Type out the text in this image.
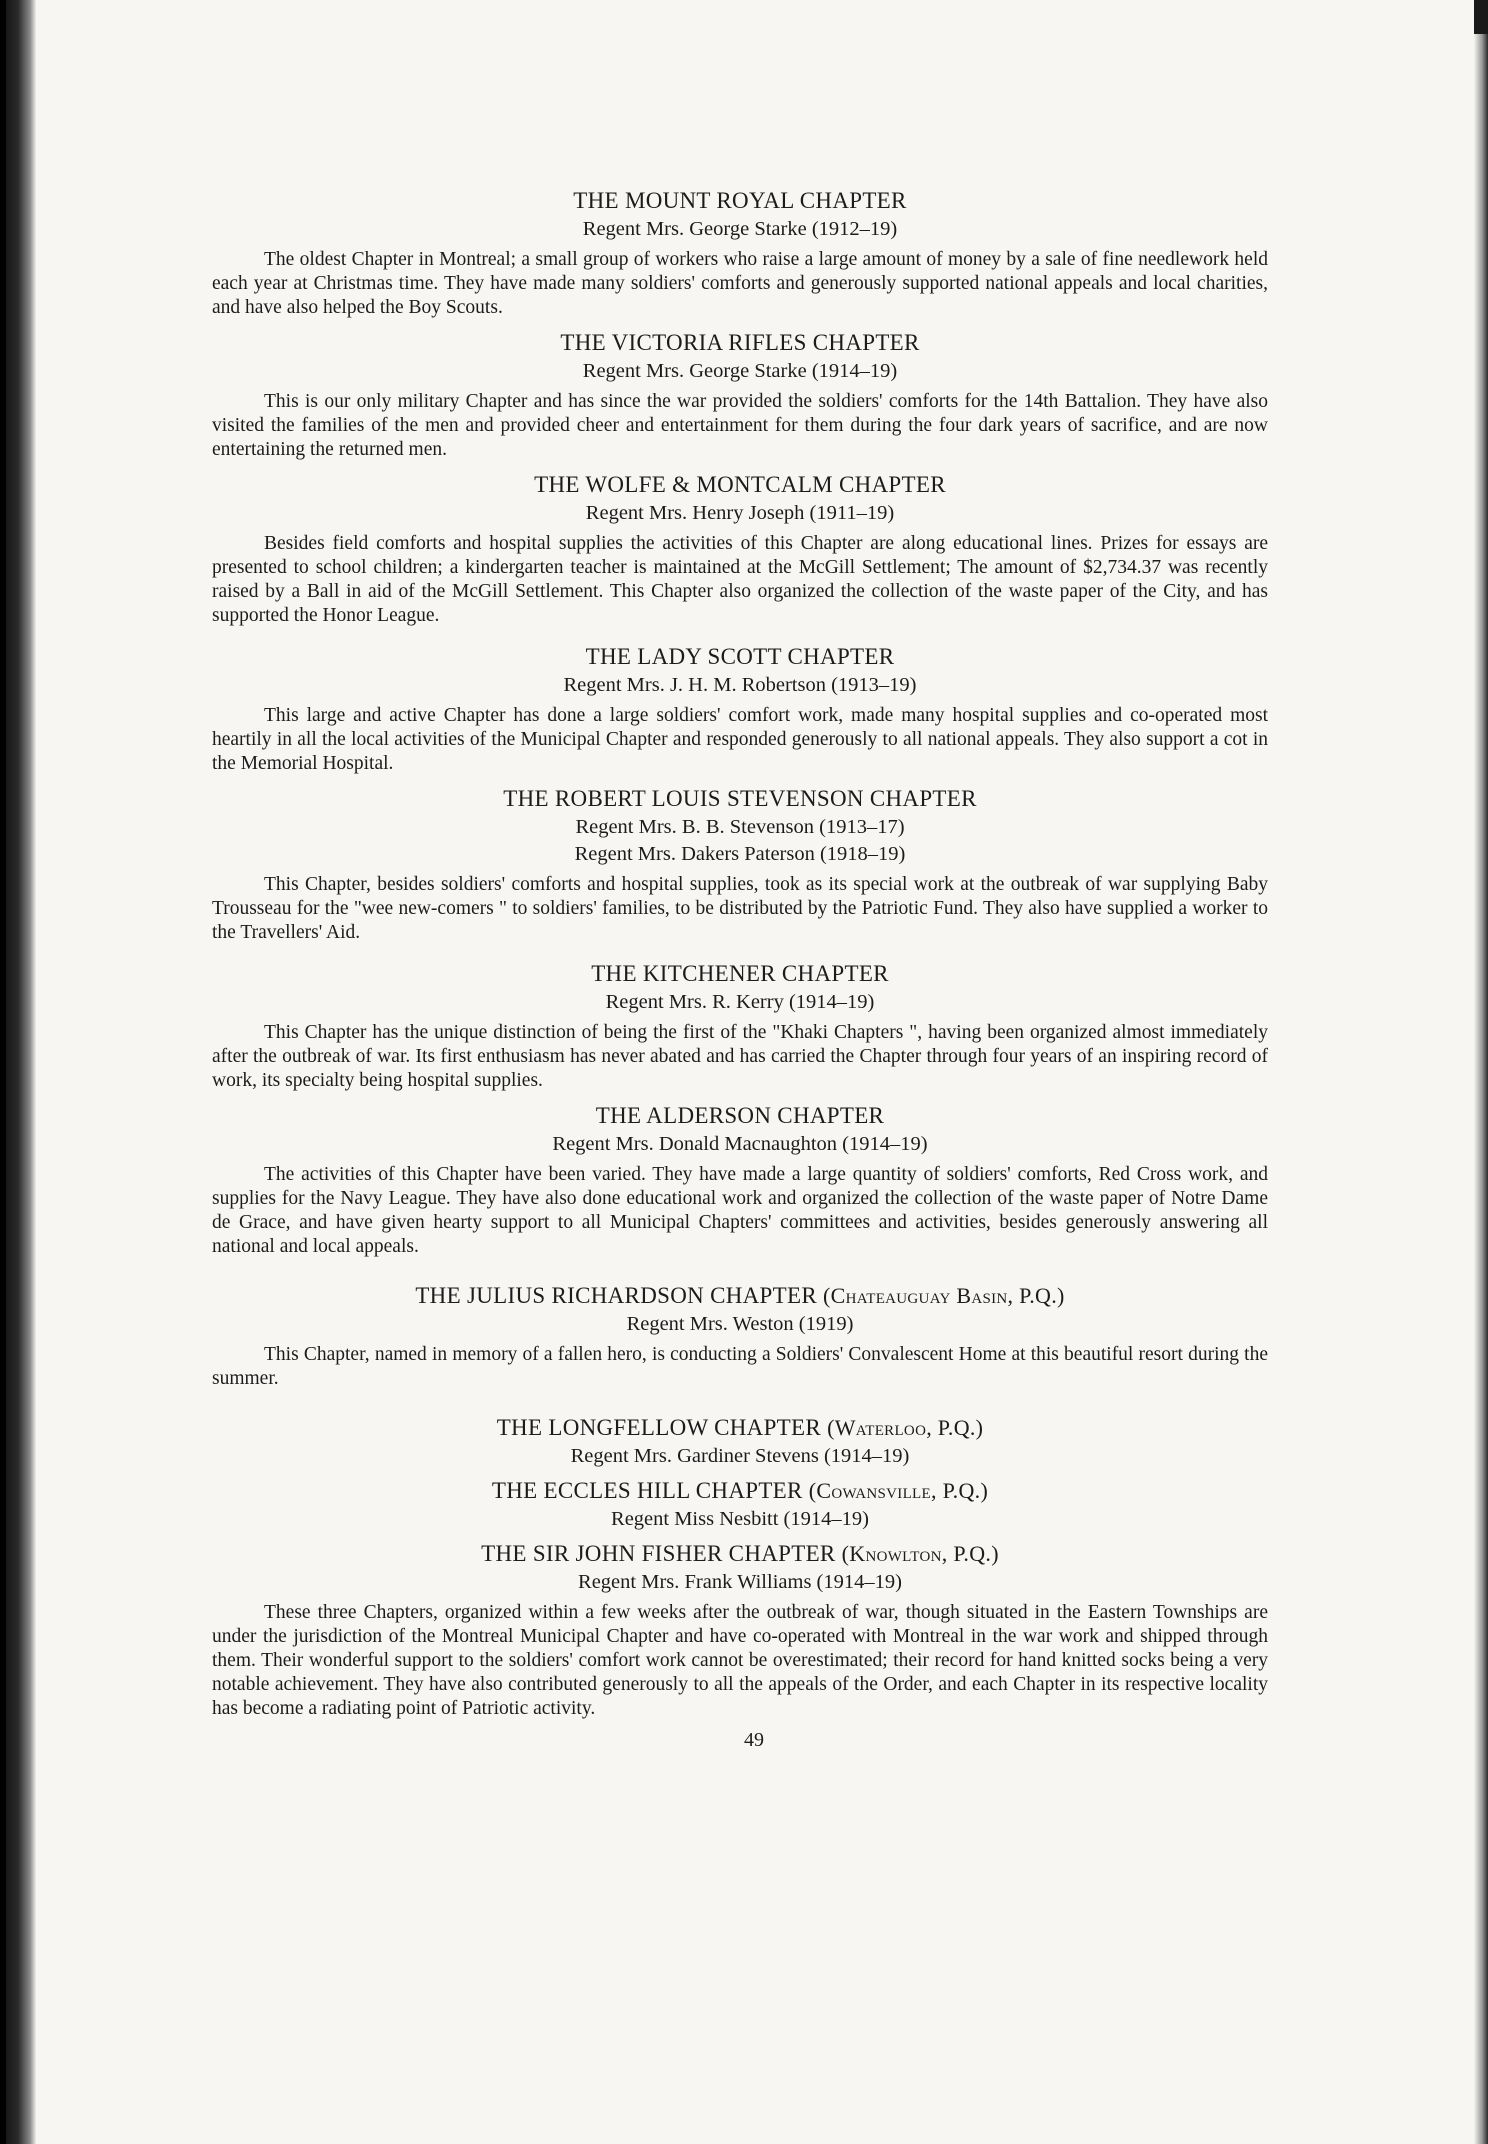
THE MOUNT ROYAL CHAPTER

Regent Mrs. George Starke (1912–19)

The oldest Chapter in Montreal; a small group of workers who raise a large amount of money by a sale of fine needlework held each year at Christmas time. They have made many soldiers' comforts and generously supported national appeals and local charities, and have also helped the Boy Scouts.

THE VICTORIA RIFLES CHAPTER

Regent Mrs. George Starke (1914–19)

This is our only military Chapter and has since the war provided the soldiers' comforts for the 14th Battalion. They have also visited the families of the men and provided cheer and entertainment for them during the four dark years of sacrifice, and are now entertaining the returned men.

THE WOLFE & MONTCALM CHAPTER

Regent Mrs. Henry Joseph (1911–19)

Besides field comforts and hospital supplies the activities of this Chapter are along educational lines. Prizes for essays are presented to school children; a kindergarten teacher is maintained at the McGill Settlement; The amount of $2,734.37 was recently raised by a Ball in aid of the McGill Settlement. This Chapter also organized the collection of the waste paper of the City, and has supported the Honor League.

THE LADY SCOTT CHAPTER

Regent Mrs. J. H. M. Robertson (1913–19)

This large and active Chapter has done a large soldiers' comfort work, made many hospital supplies and co-operated most heartily in all the local activities of the Municipal Chapter and responded generously to all national appeals. They also support a cot in the Memorial Hospital.

THE ROBERT LOUIS STEVENSON CHAPTER

Regent Mrs. B. B. Stevenson (1913–17)

Regent Mrs. Dakers Paterson (1918–19)

This Chapter, besides soldiers' comforts and hospital supplies, took as its special work at the outbreak of war supplying Baby Trousseau for the "wee new-comers " to soldiers' families, to be distributed by the Patriotic Fund. They also have supplied a worker to the Travellers' Aid.

THE KITCHENER CHAPTER

Regent Mrs. R. Kerry (1914–19)

This Chapter has the unique distinction of being the first of the "Khaki Chapters ", having been organized almost immediately after the outbreak of war. Its first enthusiasm has never abated and has carried the Chapter through four years of an inspiring record of work, its specialty being hospital supplies.

THE ALDERSON CHAPTER

Regent Mrs. Donald Macnaughton (1914–19)

The activities of this Chapter have been varied. They have made a large quantity of soldiers' comforts, Red Cross work, and supplies for the Navy League. They have also done educational work and organized the collection of the waste paper of Notre Dame de Grace, and have given hearty support to all Municipal Chapters' committees and activities, besides generously answering all national and local appeals.

THE JULIUS RICHARDSON CHAPTER (Chateauguay Basin, P.Q.)

Regent Mrs. Weston (1919)

This Chapter, named in memory of a fallen hero, is conducting a Soldiers' Convalescent Home at this beautiful resort during the summer.

THE LONGFELLOW CHAPTER (Waterloo, P.Q.)

Regent Mrs. Gardiner Stevens (1914–19)

THE ECCLES HILL CHAPTER (Cowansville, P.Q.)

Regent Miss Nesbitt (1914–19)

THE SIR JOHN FISHER CHAPTER (Knowlton, P.Q.)

Regent Mrs. Frank Williams (1914–19)

These three Chapters, organized within a few weeks after the outbreak of war, though situated in the Eastern Townships are under the jurisdiction of the Montreal Municipal Chapter and have co-operated with Montreal in the war work and shipped through them. Their wonderful support to the soldiers' comfort work cannot be overestimated; their record for hand knitted socks being a very notable achievement. They have also contributed generously to all the appeals of the Order, and each Chapter in its respective locality has become a radiating point of Patriotic activity.

49
